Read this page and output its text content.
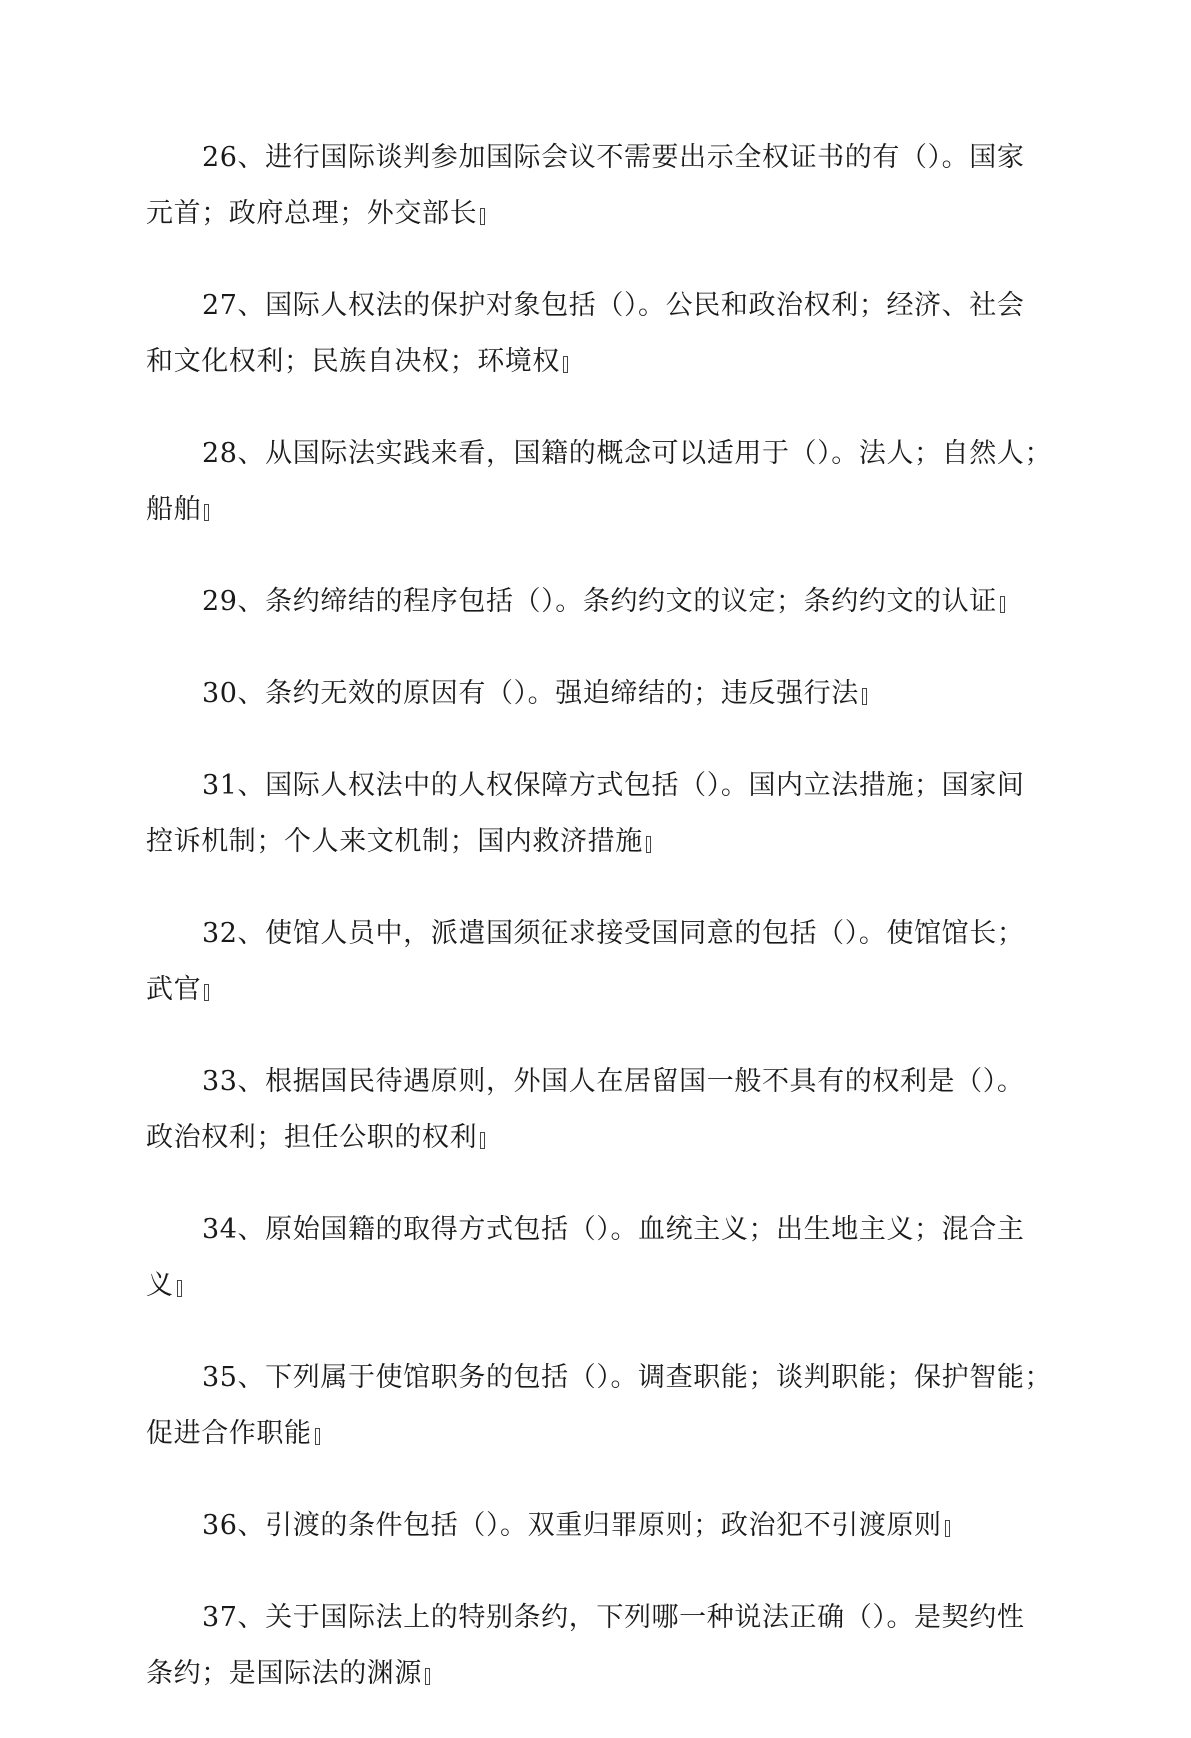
26、进行国际谈判参加国际会议不需要出示全权证书的有（）。国家
元首；政府总理；外交部长
27、国际人权法的保护对象包括（）。公民和政治权利；经济、社会
和文化权利；民族自决权；环境权
28、从国际法实践来看，国籍的概念可以适用于（）。法人；自然人；
船舶
29、条约缔结的程序包括（）。条约约文的议定；条约约文的认证
30、条约无效的原因有（）。强迫缔结的；违反强行法
31、国际人权法中的人权保障方式包括（）。国内立法措施；国家间
控诉机制；个人来文机制；国内救济措施
32、使馆人员中，派遣国须征求接受国同意的包括（）。使馆馆长；
武官
33、根据国民待遇原则，外国人在居留国一般不具有的权利是（）。
政治权利；担任公职的权利
34、原始国籍的取得方式包括（）。血统主义；出生地主义；混合主
义
35、下列属于使馆职务的包括（）。调查职能；谈判职能；保护智能；
促进合作职能
36、引渡的条件包括（）。双重归罪原则；政治犯不引渡原则
37、关于国际法上的特别条约，下列哪一种说法正确（）。是契约性
条约；是国际法的渊源
